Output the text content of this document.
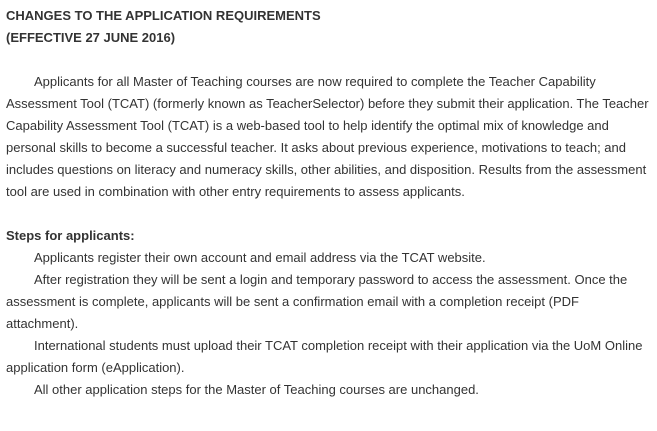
CHANGES TO THE APPLICATION REQUIREMENTS

(EFFECTIVE 27 JUNE 2016)

Applicants for all Master of Teaching courses are now required to complete the Teacher Capability Assessment Tool (TCAT) (formerly known as TeacherSelector) before they submit their application. The Teacher Capability Assessment Tool (TCAT) is a web-based tool to help identify the optimal mix of knowledge and personal skills to become a successful teacher. It asks about previous experience, motivations to teach; and includes questions on literacy and numeracy skills, other abilities, and disposition. Results from the assessment tool are used in combination with other entry requirements to assess applicants.

Steps for applicants:

Applicants register their own account and email address via the TCAT website.

After registration they will be sent a login and temporary password to access the assessment. Once the assessment is complete, applicants will be sent a confirmation email with a completion receipt (PDF attachment).

International students must upload their TCAT completion receipt with their application via the UoM Online application form (eApplication).

All other application steps for the Master of Teaching courses are unchanged.
